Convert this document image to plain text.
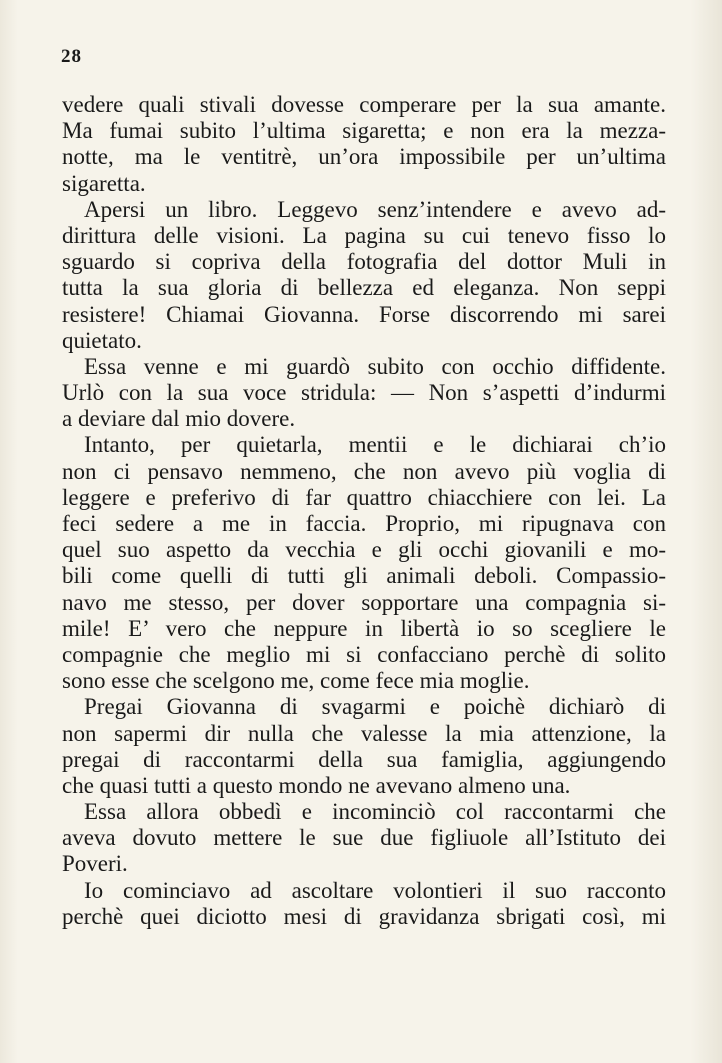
28
vedere quali stivali dovesse comperare per la sua amante.
Ma fumai subito l’ultima sigaretta; e non era la mezza-
notte, ma le ventitrè, un’ora impossibile per un’ultima
sigaretta.
Apersi un libro. Leggevo senz’intendere e avevo ad-
dirittura delle visioni. La pagina su cui tenevo fisso lo
sguardo si copriva della fotografia del dottor Muli in
tutta la sua gloria di bellezza ed eleganza. Non seppi
resistere! Chiamai Giovanna. Forse discorrendo mi sarei
quietato.
Essa venne e mi guardò subito con occhio diffidente.
Urlò con la sua voce stridula: — Non s’aspetti d’indurmi
a deviare dal mio dovere.
Intanto, per quietarla, mentii e le dichiarai ch’io
non ci pensavo nemmeno, che non avevo più voglia di
leggere e preferivo di far quattro chiacchiere con lei. La
feci sedere a me in faccia. Proprio, mi ripugnava con
quel suo aspetto da vecchia e gli occhi giovanili e mo-
bili come quelli di tutti gli animali deboli. Compassio-
navo me stesso, per dover sopportare una compagnia si-
mile! E’ vero che neppure in libertà io so scegliere le
compagnie che meglio mi si confacciano perchè di solito
sono esse che scelgono me, come fece mia moglie.
Pregai Giovanna di svagarmi e poichè dichiarò di
non sapermi dir nulla che valesse la mia attenzione, la
pregai di raccontarmi della sua famiglia, aggiungendo
che quasi tutti a questo mondo ne avevano almeno una.
Essa allora obbedì e incominciò col raccontarmi che
aveva dovuto mettere le sue due figliuole all’Istituto dei
Poveri.
Io cominciavo ad ascoltare volontieri il suo racconto
perchè quei diciotto mesi di gravidanza sbrigati così, mi
